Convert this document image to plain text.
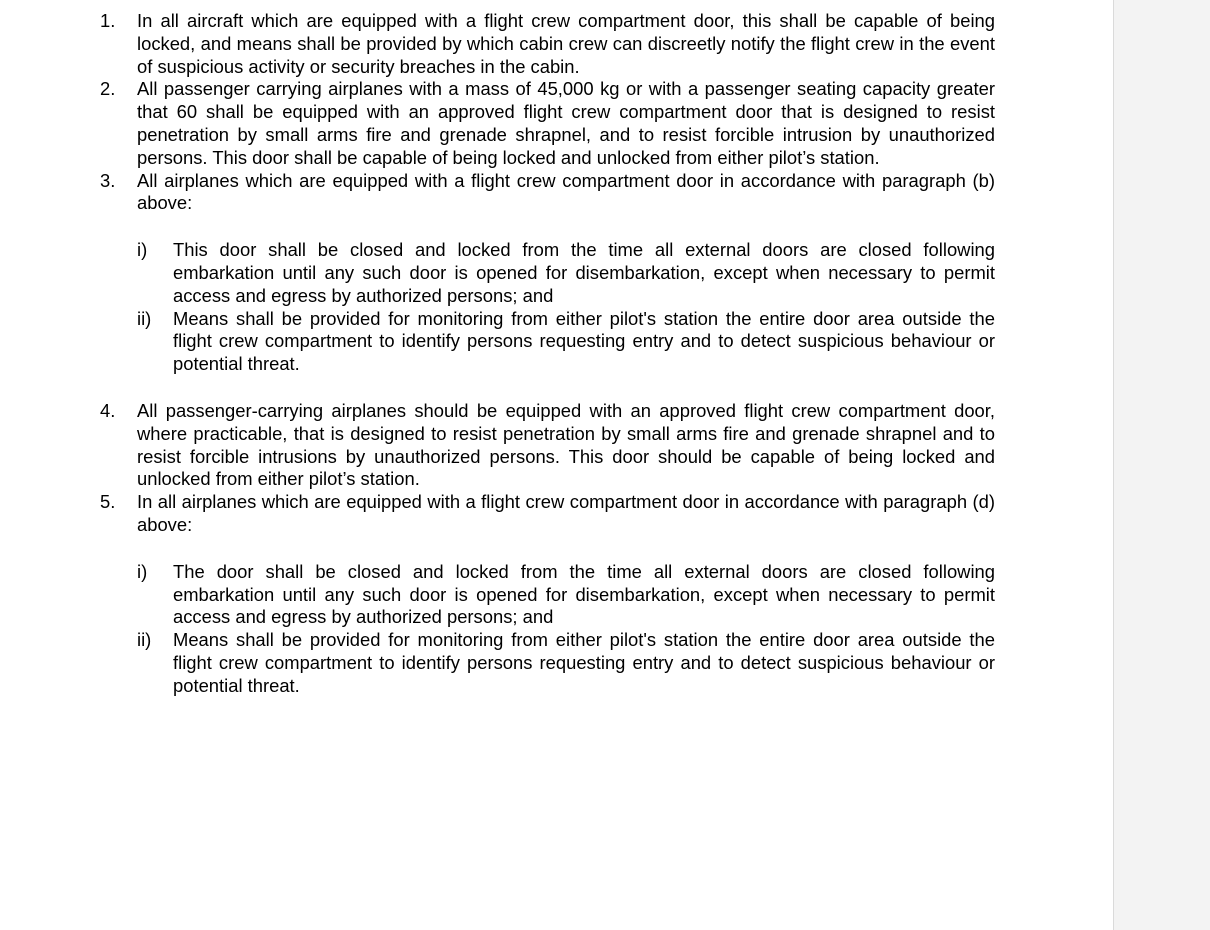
1. In all aircraft which are equipped with a flight crew compartment door, this shall be capable of being locked, and means shall be provided by which cabin crew can discreetly notify the flight crew in the event of suspicious activity or security breaches in the cabin.
2. All passenger carrying airplanes with a mass of 45,000 kg or with a passenger seating capacity greater that 60 shall be equipped with an approved flight crew compartment door that is designed to resist penetration by small arms fire and grenade shrapnel, and to resist forcible intrusion by unauthorized persons. This door shall be capable of being locked and unlocked from either pilot’s station.
3. All airplanes which are equipped with a flight crew compartment door in accordance with paragraph (b) above:
i) This door shall be closed and locked from the time all external doors are closed following embarkation until any such door is opened for disembarkation, except when necessary to permit access and egress by authorized persons; and
ii) Means shall be provided for monitoring from either pilot's station the entire door area outside the flight crew compartment to identify persons requesting entry and to detect suspicious behaviour or potential threat.
4. All passenger-carrying airplanes should be equipped with an approved flight crew compartment door, where practicable, that is designed to resist penetration by small arms fire and grenade shrapnel and to resist forcible intrusions by unauthorized persons. This door should be capable of being locked and unlocked from either pilot’s station.
5. In all airplanes which are equipped with a flight crew compartment door in accordance with paragraph (d) above:
i) The door shall be closed and locked from the time all external doors are closed following embarkation until any such door is opened for disembarkation, except when necessary to permit access and egress by authorized persons; and
ii) Means shall be provided for monitoring from either pilot's station the entire door area outside the flight crew compartment to identify persons requesting entry and to detect suspicious behaviour or potential threat.
